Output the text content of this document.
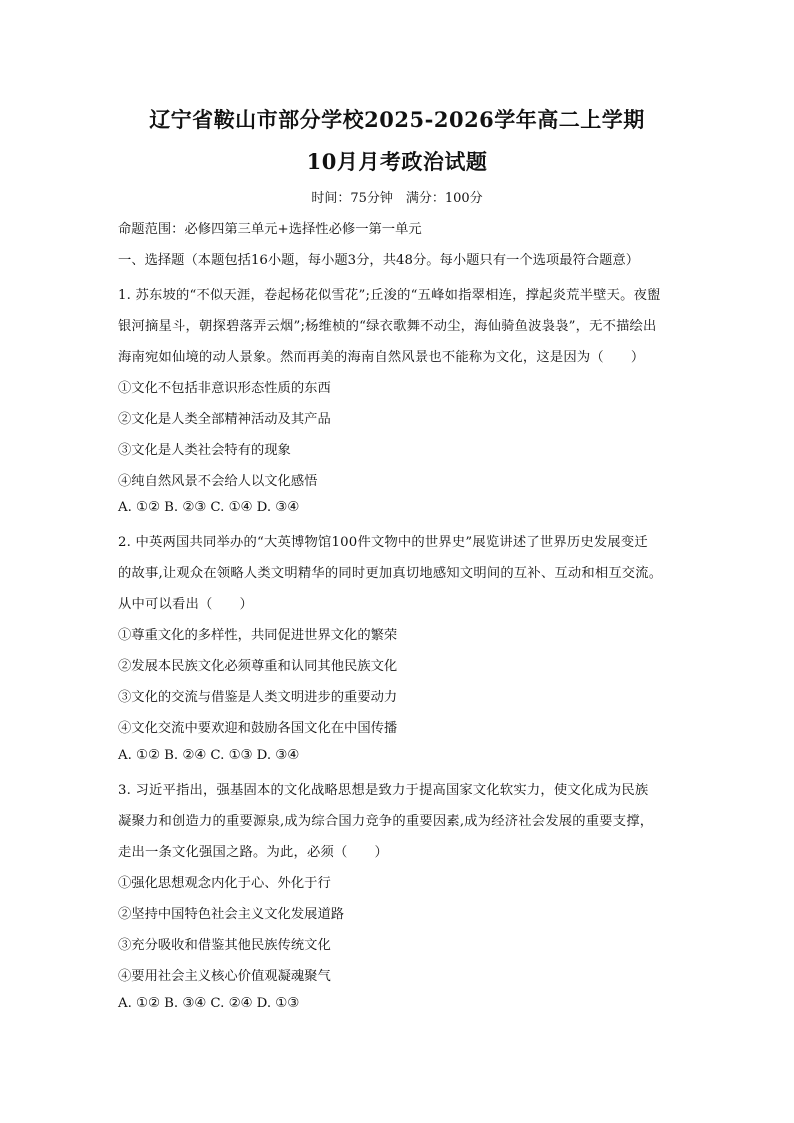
辽宁省鞍山市部分学校2025-2026学年高二上学期
10月月考政治试题
时间：75分钟　满分：100分
命题范围：必修四第三单元+选择性必修一第一单元
一、选择题（本题包括16小题，每小题3分，共48分。每小题只有一个选项最符合题意）
1. 苏东坡的“不似天涯，卷起杨花似雪花”;丘浚的“五峰如指翠相连，撑起炎荒半壁天。夜盥
银河摘星斗，朝探碧落弄云烟”;杨维桢的“绿衣歌舞不动尘，海仙骑鱼波袅袅”，无不描绘出
海南宛如仙境的动人景象。然而再美的海南自然风景也不能称为文化，这是因为（　　）
①文化不包括非意识形态性质的东西
②文化是人类全部精神活动及其产品
③文化是人类社会特有的现象
④纯自然风景不会给人以文化感悟
A. ①② B. ②③ C. ①④ D. ③④
2. 中英两国共同举办的“大英博物馆100件文物中的世界史”展览讲述了世界历史发展变迁
的故事,让观众在领略人类文明精华的同时更加真切地感知文明间的互补、互动和相互交流。
从中可以看出（　　）
①尊重文化的多样性，共同促进世界文化的繁荣
②发展本民族文化必须尊重和认同其他民族文化
③文化的交流与借鉴是人类文明进步的重要动力
④文化交流中要欢迎和鼓励各国文化在中国传播
A. ①② B. ②④ C. ①③ D. ③④
3. 习近平指出，强基固本的文化战略思想是致力于提高国家文化软实力，使文化成为民族
凝聚力和创造力的重要源泉,成为综合国力竞争的重要因素,成为经济社会发展的重要支撑，
走出一条文化强国之路。为此，必须（　　）
①强化思想观念内化于心、外化于行
②坚持中国特色社会主义文化发展道路
③充分吸收和借鉴其他民族传统文化
④要用社会主义核心价值观凝魂聚气
A. ①② B. ③④ C. ②④ D. ①③
